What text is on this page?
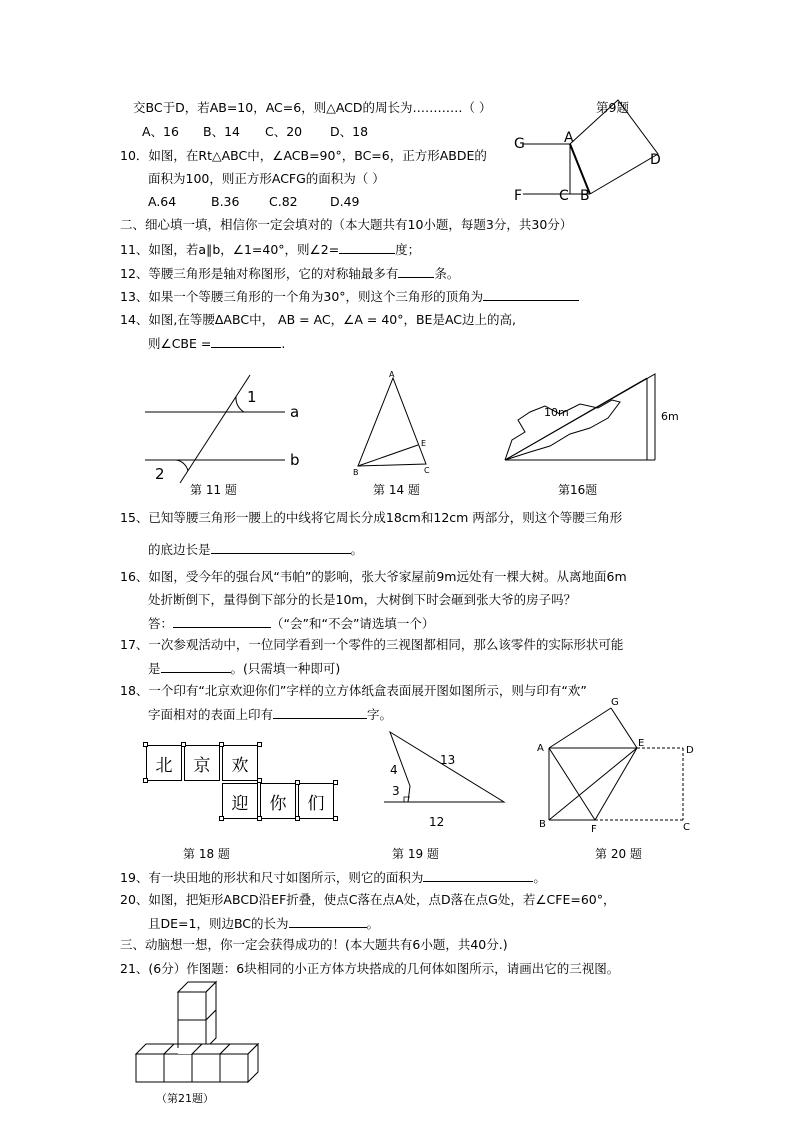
交BC于D，若AB=10，AC=6，则△ACD的周长为…………（ ）	第9题
A、16 B、14 C、20 D、18
10．如图，在Rt△ABC中，∠ACB=90°，BC=6，正方形ABDE的
面积为100，则正方形ACFG的面积为（ ）
A.64	B.36 C.82	D.49
G	A
D
F	C B
二、细心填一填，相信你一定会填对的（本大题共有10小题，每题3分，共30分）
11、如图，若a∥b，∠1=40°，则∠2=	度；
12、等腰三角形是轴对称图形，它的对称轴最多有	条。
13、如果一个等腰三角形的一个角为30°，则这个三角形的顶角为
14、如图,在等腰ΔABC中， AB = AC，∠A = 40°，BE是AC边上的高,
则∠CBE =	.
1
a
2
b
第 11 题
A
E
B	C
第 14 题
10m	6m
第16题
15、已知等腰三角形一腰上的中线将它周长分成18cm和12cm 两部分，则这个等腰三角形
的底边长是	。
16、如图，受今年的强台风“韦帕”的影响，张大爷家屋前9m远处有一棵大树。从离地面6m
处折断倒下，量得倒下部分的长是10m，大树倒下时会砸到张大爷的房子吗？
答：	（“会”和“不会”请选填一个）
17、一次参观活动中，一位同学看到一个零件的三视图都相同，那么该零件的实际形状可能
是	。(只需填一种即可)
18、一个印有“北京欢迎你们”字样的立方体纸盒表面展开图如图所示，则与印有“欢”
字面相对的表面上印有	字。
北	京	欢
迎	你	们
第 18 题
13
4
3
12
第 19 题
G
A	E
D
B	F	C
第 20 题
19、有一块田地的形状和尺寸如图所示，则它的面积为	。
20、如图，把矩形ABCD沿EF折叠，使点C落在点A处，点D落在点G处，若∠CFE=60°，
且DE=1，则边BC的长为	。
三、动脑想一想，你一定会获得成功的！(本大题共有6小题，共40分.)
21、(6分）作图题：6块相同的小正方体方块搭成的几何体如图所示，请画出它的三视图。
（第21题）
